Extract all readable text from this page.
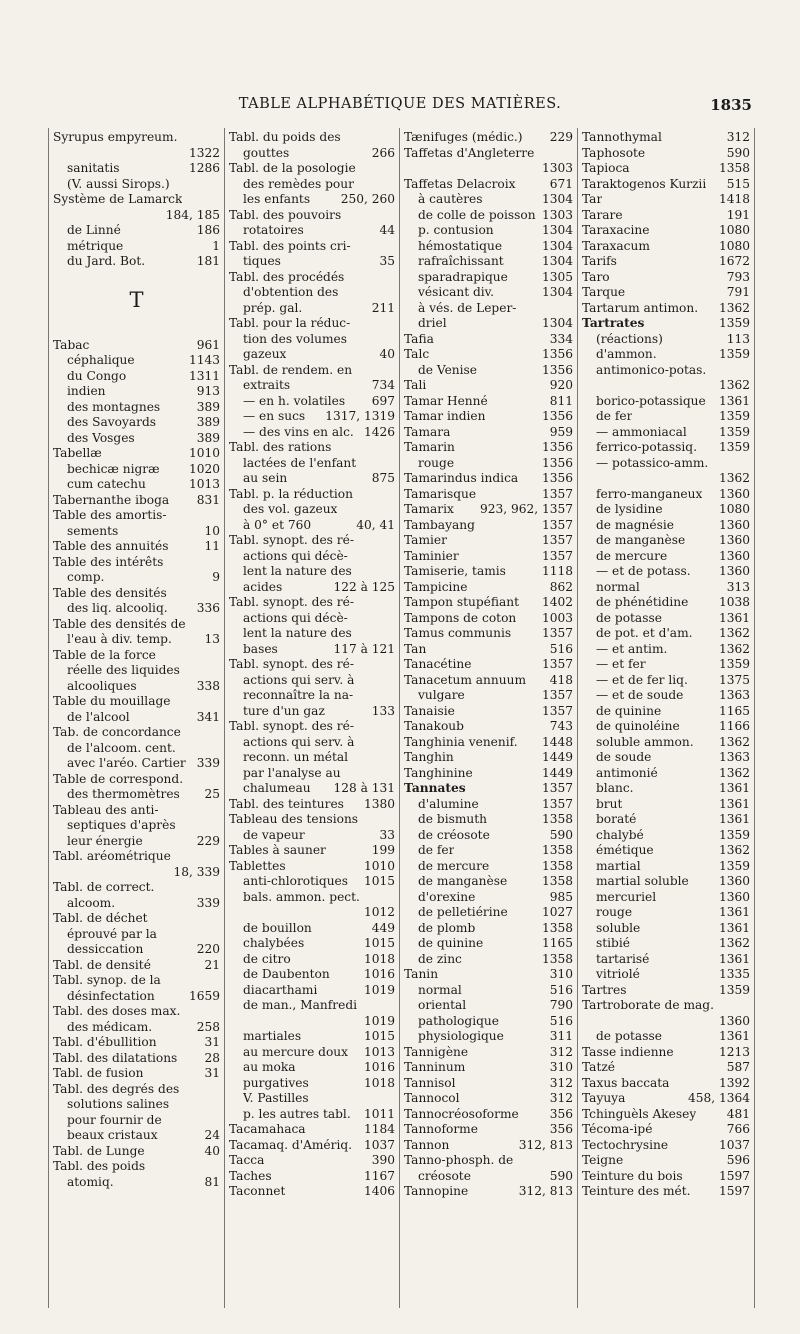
TABLE ALPHABÉTIQUE DES MATIÈRES.	1835
Syrupus empyreum.
1322
sanitatis	1286
(V. aussi Sirops.)
Système de Lamarck
184, 185
de Linné	186
métrique	1
du Jard. Bot.	181
T
Tabac	961
céphalique	1143
du Congo	1311
indien	913
des montagnes	389
des Savoyards	389
des Vosges	389
Tabellæ	1010
bechicæ nigræ 1020
cum catechu	1013
Tabernanthe iboga 831
Table des amortis-
sements	10
Table des annuités	11
Table des intérêts
comp.	9
Table des densités
des liq. alcooliq. 336
Table des densités de
l'eau à div. temp.	13
Table de la force
réelle des liquides
alcooliques	338
Table du mouillage
de l'alcool	341
Tab. de concordance
de l'alcoom. cent.
avec l'aréo. Cartier 339
Table de correspond.
des thermomètres 25
Tableau des anti-
septiques d'après
leur énergie	229
Tabl. aréométrique
18, 339
Tabl. de correct.
alcoom.	339
Tabl. de déchet
éprouvé par la
dessiccation	220
Tabl. de densité	21
Tabl. synop. de la
désinfectation	1659
Tabl. des doses max.
des médicam.	258
Tabl. d'ébullition	31
Tabl. des dilatations 28
Tabl. de fusion	31
Tabl. des degrés des
solutions salines
pour fournir de
beaux cristaux	24
Tabl. de Lunge	40
Tabl. des poids
atomiq.	81
Tabl. du poids des
gouttes	266
Tabl. de la posologie
des remèdes pour
les enfants	250, 260
Tabl. des pouvoirs
rotatoires	44
Tabl. des points cri-
tiques	35
Tabl. des procédés
d'obtention des
prép. gal.	211
Tabl. pour la réduc-
tion des volumes
gazeux	40
Tabl. de rendem. en
extraits	734
— en h. volatiles 697
— en sucs 1317, 1319
— des vins en alc. 1426
Tabl. des rations
lactées de l'enfant
au sein	875
Tabl. p. la réduction
des vol. gazeux
à 0° et 760	40, 41
Tabl. synopt. des ré-
actions qui décè-
lent la nature des
acides	122 à 125
Tabl. synopt. des ré-
actions qui décè-
lent la nature des
bases	117 à 121
Tabl. synopt. des ré-
actions qui serv. à
reconnaître la na-
ture d'un gaz	133
Tabl. synopt. des ré-
actions qui serv. à
reconn. un métal
par l'analyse au
chalumeau 128 à 131
Tabl. des teintures 1380
Tableau des tensions
de vapeur	33
Tables à sauner	199
Tablettes	1010
anti-chlorotiques 1015
bals. ammon. pect.
1012
de bouillon	449
chalybées	1015
de citro	1018
de Daubenton	1016
diacarthami	1019
de man., Manfredi
1019
martiales	1015
au mercure doux 1013
au moka	1016
purgatives	1018
V. Pastilles
p. les autres tabl. 1011
Tacamahaca	1184
Tacamaq. d'Amériq. 1037
Tacca	390
Taches	1167
Taconnet	1406
Tænifuges (médic.) 229
Taffetas d'Angleterre
1303
Taffetas Delacroix	671
à cautères	1304
de colle de poisson 1303
p. contusion	1304
hémostatique	1304
rafraîchissant	1304
sparadrapique	1305
vésicant div.	1304
à vés. de Leper-
driel	1304
Tafia	334
Talc	1356
de Venise	1356
Tali	920
Tamar Henné	811
Tamar indien	1356
Tamara	959
Tamarin	1356
rouge	1356
Tamarindus indica 1356
Tamarisque	1357
Tamarix 923, 962, 1357
Tambayang	1357
Tamier	1357
Taminier	1357
Tamiserie, tamis	1118
Tampicine	862
Tampon stupéfiant 1402
Tampons de coton 1003
Tamus communis	1357
Tan	516
Tanacétine	1357
Tanacetum annuum 418
vulgare	1357
Tanaisie	1357
Tanakoub	743
Tanghinia venenif. 1448
Tanghin	1449
Tanghinine	1449
Tannates	1357
d'alumine	1357
de bismuth	1358
de créosote	590
de fer	1358
de mercure	1358
de manganèse	1358
d'orexine	985
de pelletiérine	1027
de plomb	1358
de quinine	1165
de zinc	1358
Tanin	310
normal	516
oriental	790
pathologique	516
physiologique	311
Tannigène	312
Tanninum	310
Tannisol	312
Tannocol	312
Tannocréosoforme	356
Tannoforme	356
Tannon	312, 813
Tanno-phosph. de
créosote	590
Tannopine	312, 813
Tannothymal	312
Taphosote	590
Tapioca	1358
Taraktogenos Kurzii 515
Tar	1418
Tarare	191
Taraxacine	1080
Taraxacum	1080
Tarifs	1672
Taro	793
Tarque	791
Tartarum antimon. 1362
Tartrates	1359
(réactions)	113
d'ammon.	1359
antimonico-potas.
1362
borico-potassique 1361
de fer	1359
— ammoniacal	1359
ferrico-potassiq. 1359
— potassico-amm.
1362
ferro-manganeux 1360
de lysidine	1080
de magnésie	1360
de manganèse	1360
de mercure	1360
— et de potass. 1360
normal	313
de phénétidine	1038
de potasse	1361
de pot. et d'am. 1362
— et antim.	1362
— et fer	1359
— et de fer liq.	1375
— et de soude	1363
de quinine	1165
de quinoléine	1166
soluble ammon. 1362
de soude	1363
antimonié	1362
blanc.	1361
brut	1361
boraté	1361
chalybé	1359
émétique	1362
martial	1359
martial soluble 1360
mercuriel	1360
rouge	1361
soluble	1361
stibié	1362
tartarisé	1361
vitriolé	1335
Tartres	1359
Tartroborate de mag.
1360
de potasse	1361
Tasse indienne	1213
Tatzé	587
Taxus baccata	1392
Tayuya	458, 1364
Tchinguèls Akesey 481
Técoma-ipé	766
Tectochrysine	1037
Teigne	596
Teinture du bois	1597
Teinture des mét. 1597
